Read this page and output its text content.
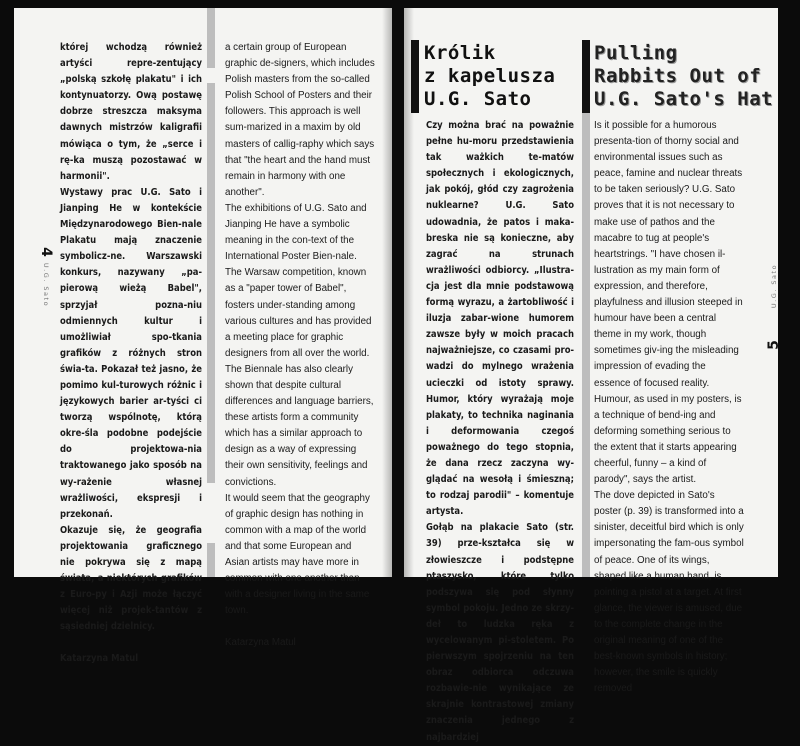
4
U.G. Sato

której wchodzą również artyści repre-zentujący „polską szkołę plakatu" i ich kontynuatorzy. Ową postawę dobrze streszcza maksyma dawnych mistrzów kaligrafii mówiąca o tym, że „serce i rę-ka muszą pozostawać w harmonii".

Wystawy prac U.G. Sato i Jianping He w kontekście Międzynarodowego Bien-nale Plakatu mają znaczenie symbolicz-ne. Warszawski konkurs, nazywany „pa-pierową wieżą Babel", sprzyjał pozna-niu odmiennych kultur i umożliwiał spo-tkania grafików z różnych stron świa-ta. Pokazał też jasno, że pomimo kul-turowych różnic i językowych barier ar-tyści ci tworzą wspólnotę, którą okre-śla podobne podejście do projektowa-nia traktowanego jako sposób na wy-rażenie własnej wrażliwości, ekspresji i przekonań.

Okazuje się, że geografia projektowania graficznego nie pokrywa się z mapą świata, a niektórych grafików z Euro-py i Azji może łączyć więcej niż projek-tantów z sąsiedniej dzielnicy.

Katarzyna Matul

a certain group of European graphic de-signers, which includes Polish masters from the so-called Polish School of Posters and their followers. This approach is well sum-marized in a maxim by old masters of callig-raphy which says that "the heart and the hand must remain in harmony with one another".

The exhibitions of U.G. Sato and Jianping He have a symbolic meaning in the con-text of the International Poster Bien-nale. The Warsaw competition, known as a "paper tower of Babel", fosters under-standing among various cultures and has provided a meeting place for graphic designers from all over the world. The Biennale has also clearly shown that despite cultural differences and language barriers, these artists form a community which has a similar approach to design as a way of expressing their own sensitivity, feelings and convictions.

It would seem that the geography of graphic design has nothing in common with a map of the world and that some European and Asian artists may have more in common with one another than with a designer living in the same town.

Katarzyna Matul

Królik
z kapelusza
U.G. Sato
Pulling
Rabbits Out of
U.G. Sato's Hat
5
U.G. Sato

Czy można brać na poważnie pełne hu-moru przedstawienia tak ważkich te-matów społecznych i ekologicznych, jak pokój, głód czy zagrożenia nuklearne? U.G. Sato udowadnia, że patos i maka-breska nie są konieczne, aby zagrać na strunach wrażliwości odbiorcy. „Ilustra-cja jest dla mnie podstawową formą wyrazu, a żartobliwość i iluzja zabar-wione humorem zawsze były w moich pracach najważniejsze, co czasami pro-wadzi do mylnego wrażenia ucieczki od istoty sprawy. Humor, który wyrażają moje plakaty, to technika naginania i deformowania czegoś poważnego do tego stopnia, że dana rzecz zaczyna wy-glądać na wesołą i śmieszną; to rodzaj parodii" – komentuje artysta.

Gołąb na plakacie Sato (str. 39) prze-kształca się w złowieszcze i podstępne ptaszysko, które tylko podszywa się pod słynny symbol pokoju. Jedno ze skrzy-deł to ludzka ręka z wycelowanym pi-stoletem. Po pierwszym spojrzeniu na ten obraz odbiorca odczuwa rozbawie-nie wynikające ze skrajnie kontrastowej zmiany znaczenia jednego z najbardziej

Is it possible for a humorous presenta-tion of thorny social and environmental issues such as peace, famine and nuclear threats to be taken seriously? U.G. Sato proves that it is not necessary to make use of pathos and the macabre to tug at people's heartstrings. "I have chosen il-lustration as my main form of expression, and therefore, playfulness and illusion steeped in humour have been a central theme in my work, though sometimes giv-ing the misleading impression of evading the essence of focused reality. Humour, as used in my posters, is a technique of bend-ing and deforming something serious to the extent that it starts appearing cheerful, funny – a kind of parody", says the artist.

The dove depicted in Sato's poster (p. 39) is transformed into a sinister, deceitful bird which is only impersonating the fam-ous symbol of peace. One of its wings, shaped like a human hand, is pointing a pistol at a target. At first glance, the viewer is amused, due to the complete change in the original meaning of one of the best-known symbols in history; however, the smile is quickly removed
